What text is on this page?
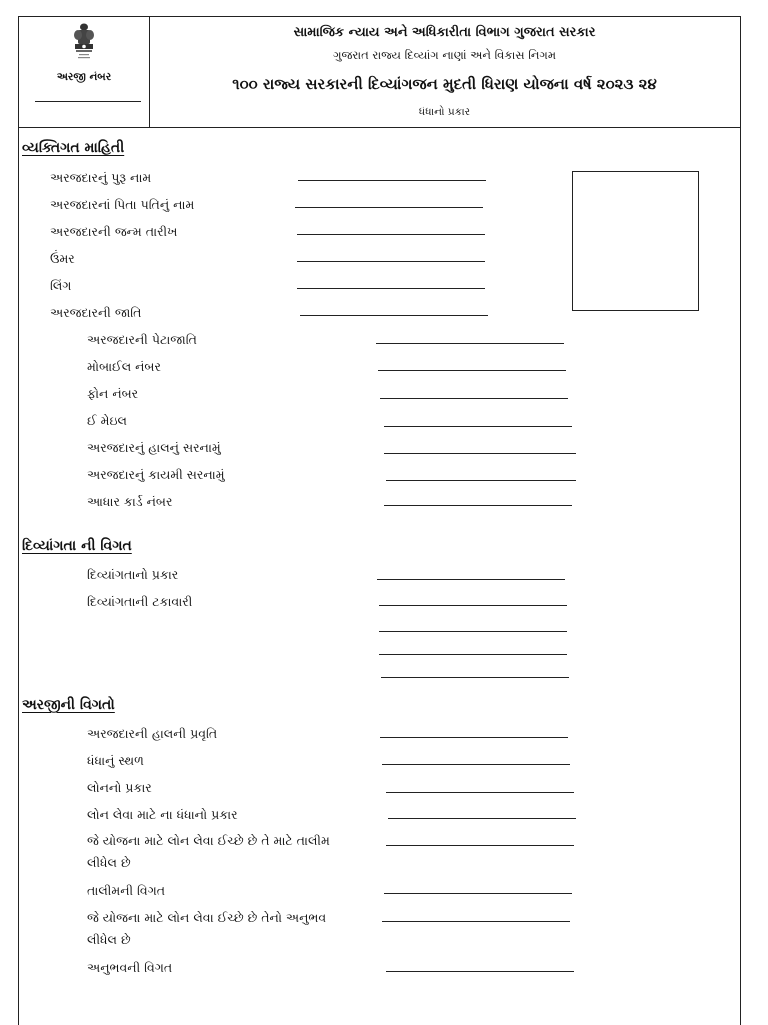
અરજી નંબર
સામાજિક ન્યાય અને અધિકારીતા વિભાગ ગુજરાત સરકાર
ગુજરાત રાજ્ય દિવ્યાંગ નાણાં અને વિકાસ નિગમ
૧૦૦ રાજ્ય સરકારની દિવ્યાંગજન મુદતી ધિરાણ યોજના વર્ષ ૨૦૨૩ ૨૪
ધંધાનો પ્રકાર
વ્યક્તિગત માહિતી
અરજદારનું પુરૂ નામ
અરજદારનાં પિતા પતિનું નામ
અરજદારની જન્મ તારીખ
ઉંમર
લિંગ
અરજદારની જાતિ
અરજદારની પેટાજાતિ
મોબાઈલ નંબર
ફોન નંબર
ઈ મેઇલ
અરજદારનું હાલનું સરનામું
અરજદારનું કાયમી સરનામું
આધાર કાર્ડ નંબર
દિવ્યાંગતા ની વિગત
દિવ્યાંગતાનો પ્રકાર
દિવ્યાંગતાની ટકાવારી
અરજીની વિગતો
અરજદારની હાલની પ્રવૃતિ
ધંધાનું સ્થળ
લોનનો પ્રકાર
લોન લેવા માટે ના ધંધાનો પ્રકાર
જે યોજના માટે લોન લેવા ઈચ્છે છે તે માટે તાલીમ લીધેલ છે
તાલીમની વિગત
જે યોજના માટે લોન લેવા ઈચ્છે છે તેનો અનુભવ લીધેલ છે
અનુભવની વિગત
